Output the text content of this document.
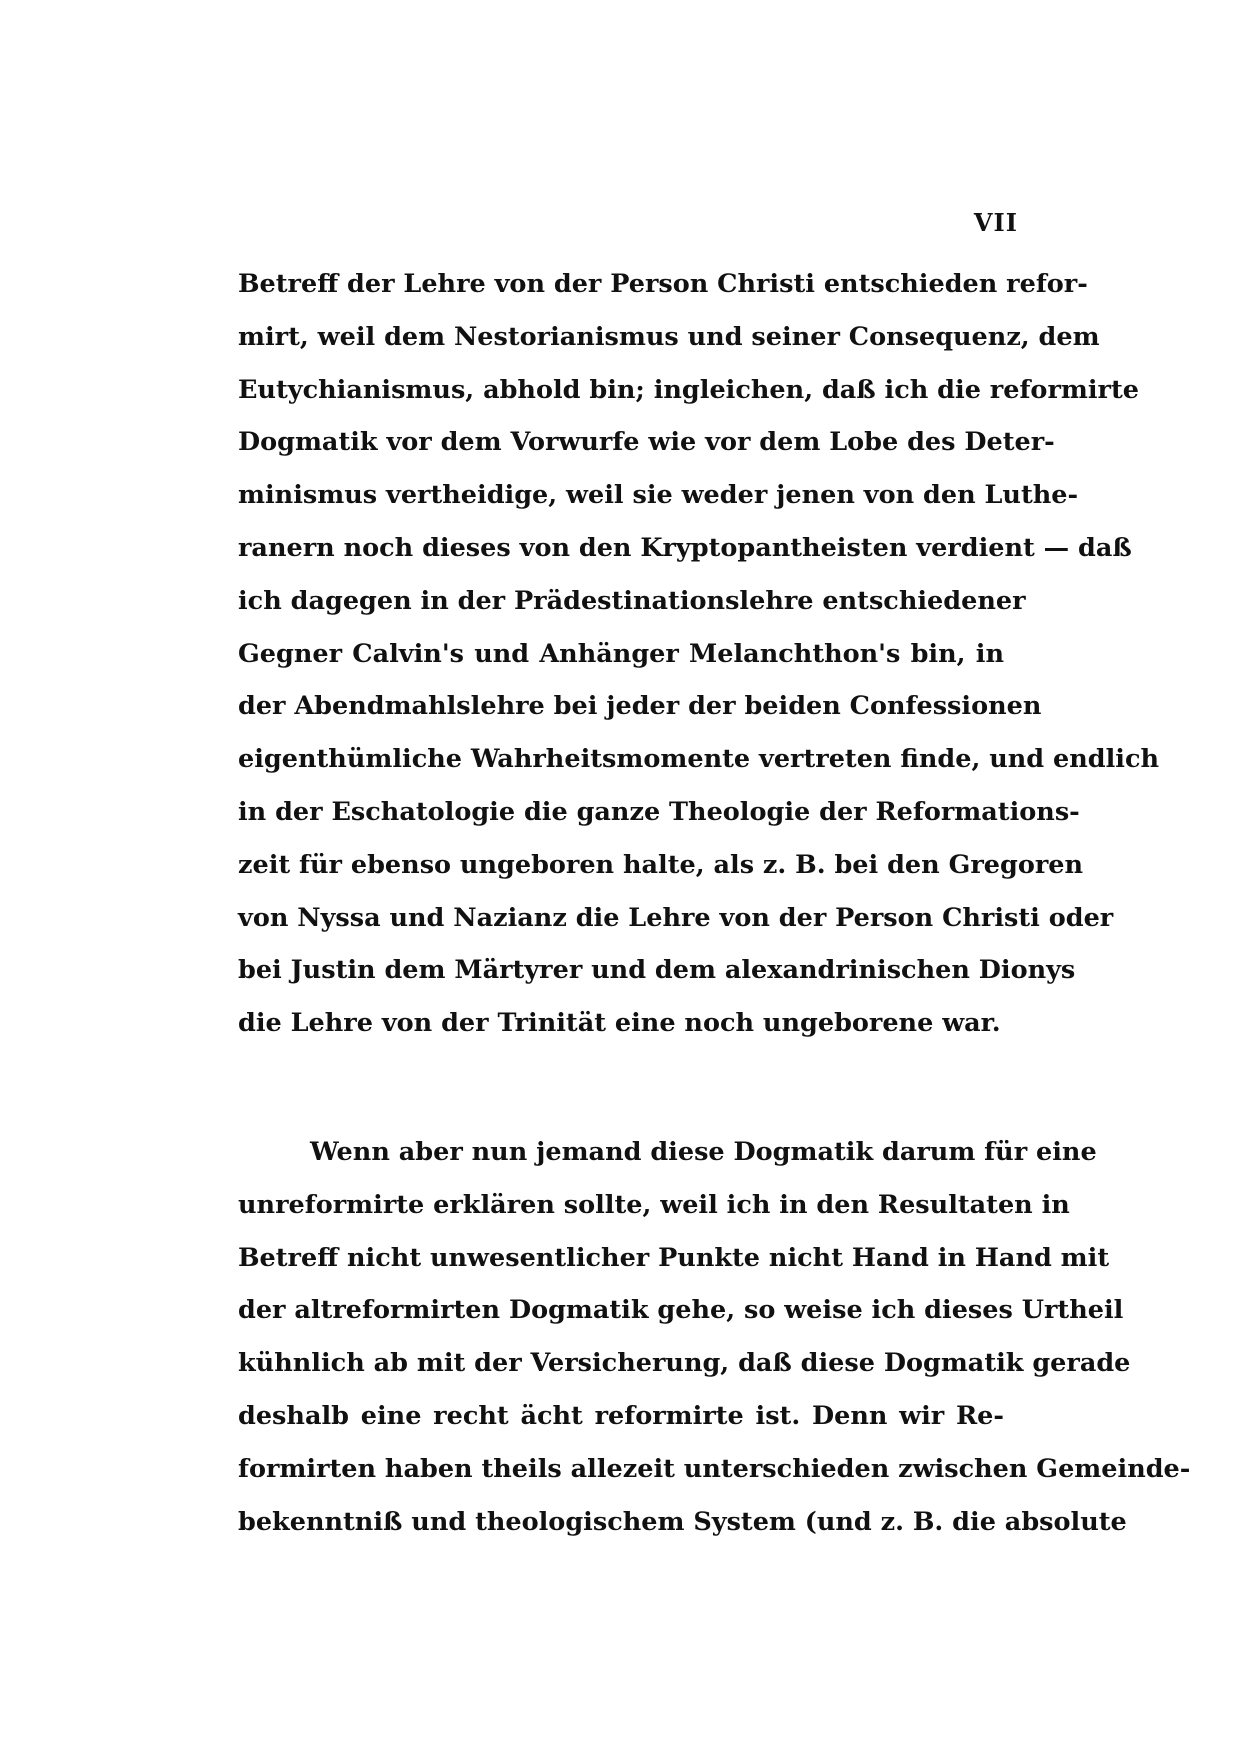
VII
Betreff der Lehre von der Person Christi entschieden refor-
mirt, weil dem Nestorianismus und seiner Consequenz, dem
Eutychianismus, abhold bin; ingleichen, daß ich die reformirte
Dogmatik vor dem Vorwurfe wie vor dem Lobe des Deter-
minismus vertheidige, weil sie weder jenen von den Luthe-
ranern noch dieses von den Kryptopantheisten verdient — daß
ich dagegen in der Prädestinationslehre entschiedener
Gegner Calvin's und Anhänger Melanchthon's bin, in
der Abendmahlslehre bei jeder der beiden Confessionen
eigenthümliche Wahrheitsmomente vertreten finde, und endlich
in der Eschatologie die ganze Theologie der Reformations-
zeit für ebenso ungeboren halte, als z. B. bei den Gregoren
von Nyssa und Nazianz die Lehre von der Person Christi oder
bei Justin dem Märtyrer und dem alexandrinischen Dionys
die Lehre von der Trinität eine noch ungeborene war.
Wenn aber nun jemand diese Dogmatik darum für eine
unreformirte erklären sollte, weil ich in den Resultaten in
Betreff nicht unwesentlicher Punkte nicht Hand in Hand mit
der altreformirten Dogmatik gehe, so weise ich dieses Urtheil
kühnlich ab mit der Versicherung, daß diese Dogmatik gerade
deshalb eine recht ächt reformirte ist. Denn wir Re-
formirten haben theils allezeit unterschieden zwischen Gemeinde-
bekenntniß und theologischem System (und z. B. die absolute
